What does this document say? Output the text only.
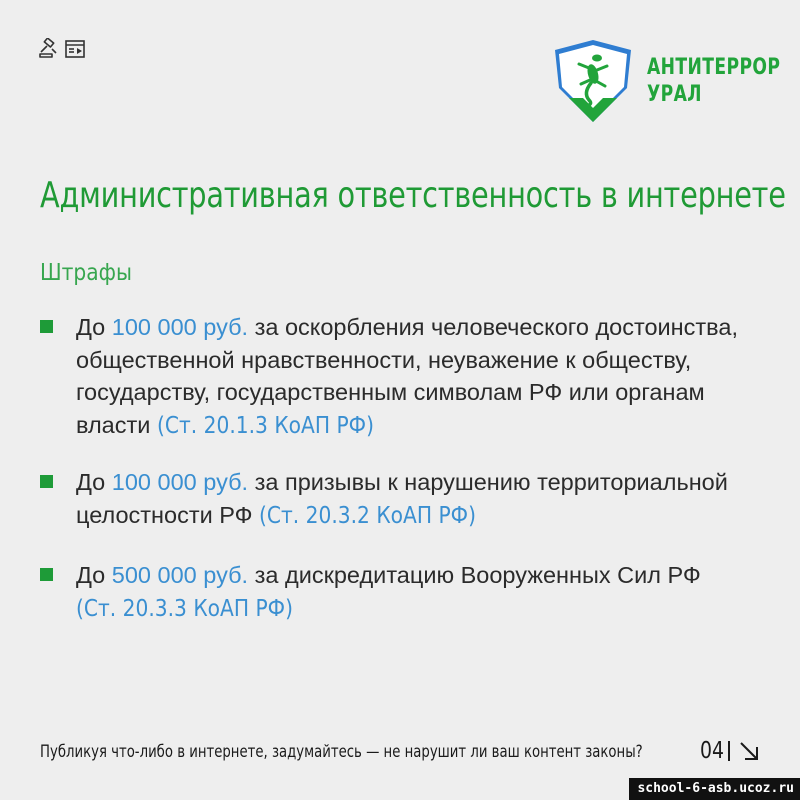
АНТИТЕРРОР
УРАЛ
Административная ответственность в интернете
Штрафы
До 100 000 руб. за оскорбления человеческого достоинства, общественной нравственности, неуважение к обществу, государству, государственным символам РФ или органам власти (Ст. 20.1.3 КоАП РФ)
До 100 000 руб. за призывы к нарушению территориальной целостности РФ (Ст. 20.3.2 КоАП РФ)
До 500 000 руб. за дискредитацию Вооруженных Сил РФ (Ст. 20.3.3 КоАП РФ)
Публикуя что-либо в интернете, задумайтесь — не нарушит ли ваш контент законы? 04
school-6-asb.ucoz.ru
